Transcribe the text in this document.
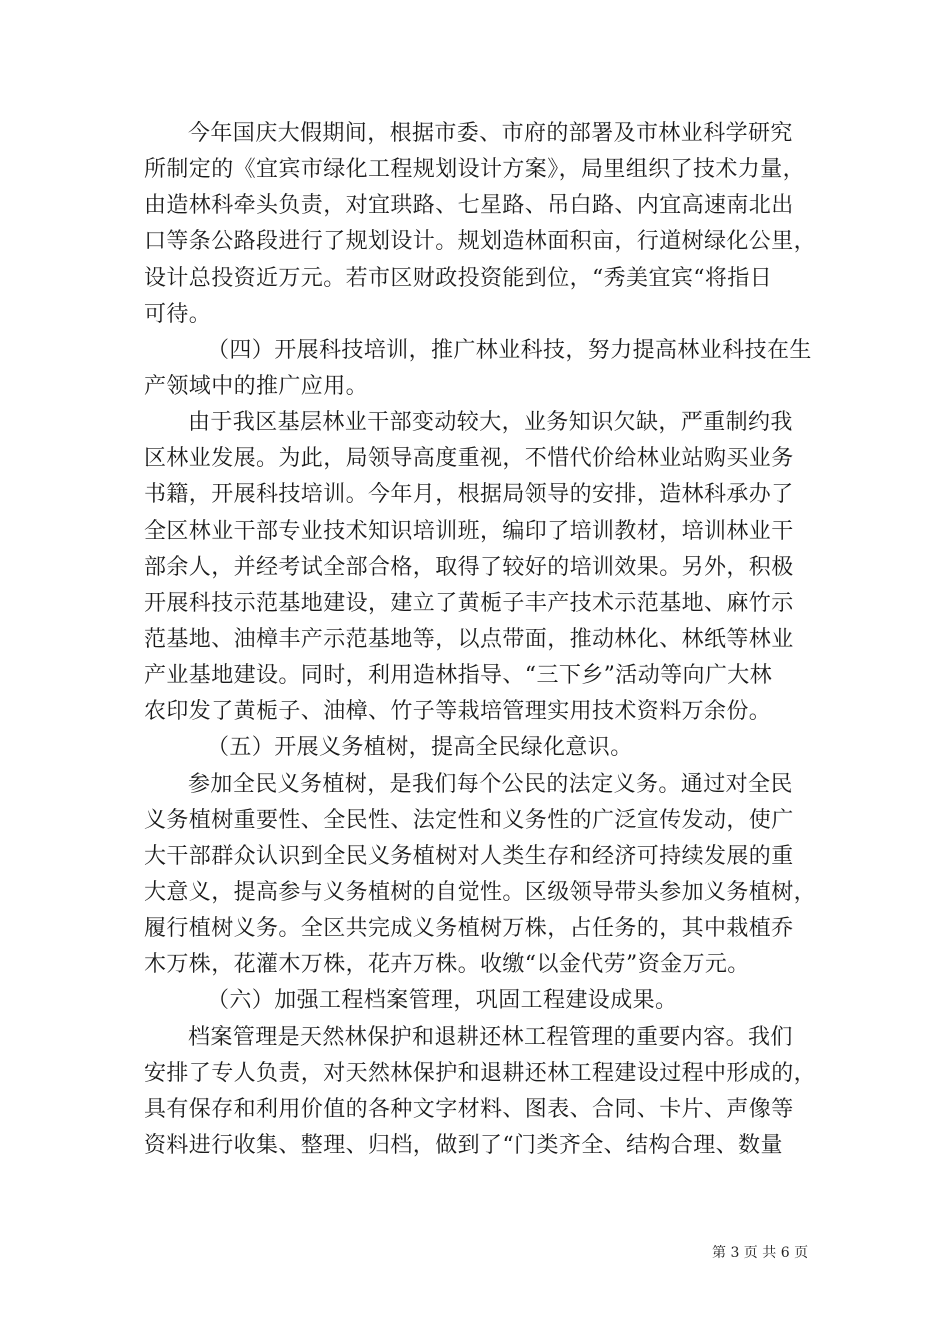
今年国庆大假期间，根据市委、市府的部署及市林业科学研究
所制定的《宜宾市绿化工程规划设计方案》，局里组织了技术力量，
由造林科牵头负责，对宜珙路、七星路、吊白路、内宜高速南北出
口等条公路段进行了规划设计。规划造林面积亩，行道树绿化公里，
设计总投资近万元。若市区财政投资能到位，“秀美宜宾“将指日
可待。
（四）开展科技培训，推广林业科技，努力提高林业科技在生
产领域中的推广应用。
由于我区基层林业干部变动较大，业务知识欠缺，严重制约我
区林业发展。为此，局领导高度重视，不惜代价给林业站购买业务
书籍，开展科技培训。今年月，根据局领导的安排，造林科承办了
全区林业干部专业技术知识培训班，编印了培训教材，培训林业干
部余人，并经考试全部合格，取得了较好的培训效果。另外，积极
开展科技示范基地建设，建立了黄栀子丰产技术示范基地、麻竹示
范基地、油樟丰产示范基地等，以点带面，推动林化、林纸等林业
产业基地建设。同时，利用造林指导、“三下乡”活动等向广大林
农印发了黄栀子、油樟、竹子等栽培管理实用技术资料万余份。
（五）开展义务植树，提高全民绿化意识。
参加全民义务植树，是我们每个公民的法定义务。通过对全民
义务植树重要性、全民性、法定性和义务性的广泛宣传发动，使广
大干部群众认识到全民义务植树对人类生存和经济可持续发展的重
大意义，提高参与义务植树的自觉性。区级领导带头参加义务植树，
履行植树义务。全区共完成义务植树万株，占任务的，其中栽植乔
木万株，花灌木万株，花卉万株。收缴“以金代劳”资金万元。
（六）加强工程档案管理，巩固工程建设成果。
档案管理是天然林保护和退耕还林工程管理的重要内容。我们
安排了专人负责，对天然林保护和退耕还林工程建设过程中形成的，
具有保存和利用价值的各种文字材料、图表、合同、卡片、声像等
资料进行收集、整理、归档，做到了“门类齐全、结构合理、数量
第 3 页 共 6 页
